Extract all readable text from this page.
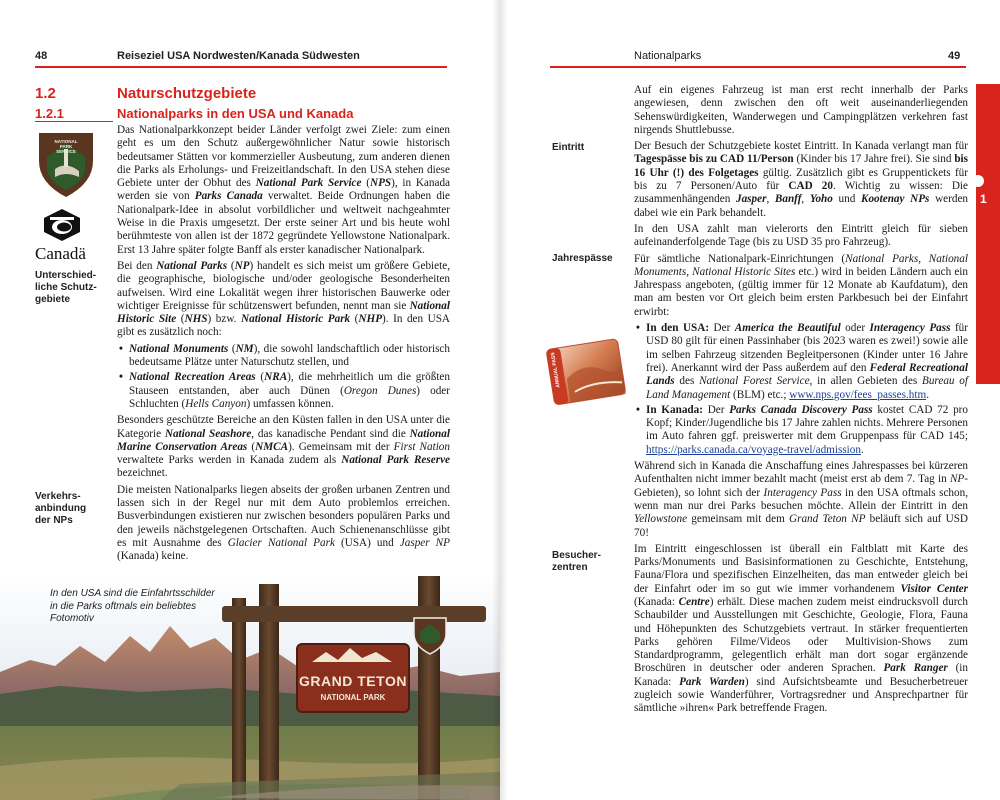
48	Reiseziel USA Nordwesten/Kanada Südwesten
1.2	Naturschutzgebiete
1.2.1	Nationalparks in den USA und Kanada
NATIONAL
PARK
SERVICE
Canadä
Unterschied-
liche Schutz-
gebiete
Verkehrs-
anbindung
der NPs

Das Nationalparkkonzept beider Länder verfolgt zwei Ziele: zum einen geht es um den Schutz außergewöhnlicher Natur sowie historisch bedeutsamer Stätten vor kommerzieller Ausbeutung, zum anderen dienen die Parks als Erholungs- und Freizeitlandschaft. In den USA stehen diese Gebiete unter der Obhut des National Park Service (NPS), in Kanada werden sie von Parks Canada verwaltet. Beide Ordnungen haben die Nationalpark-Idee in absolut vorbildlicher und weltweit nachgeahmter Weise in die Praxis umgesetzt. Der erste seiner Art und bis heute wohl berühmteste von allen ist der 1872 gegründete Yellowstone Nationalpark. Erst 13 Jahre später folgte Banff als erster kanadischer Nationalpark.

Bei den National Parks (NP) handelt es sich meist um größere Gebiete, die geographische, biologische und/oder geologische Besonderheiten aufweisen. Wird eine Lokalität wegen ihrer historischen Bauwerke oder wichtiger Ereignisse für schützenswert befunden, nennt man sie National Historic Site (NHS) bzw. National Historic Park (NHP). In den USA gibt es zusätzlich noch:

• National Monuments (NM), die sowohl landschaftlich oder historisch bedeutsame Plätze unter Naturschutz stellen, und
• National Recreation Areas (NRA), die mehrheitlich um die größten Stauseen entstanden, aber auch Dünen (Oregon Dunes) oder Schluchten (Hells Canyon) umfassen können.

Besonders geschützte Bereiche an den Küsten fallen in den USA unter die Kategorie National Seashore, das kanadische Pendant sind die National Marine Conservation Areas (NMCA). Gemeinsam mit der First Nation verwaltete Parks werden in Kanada zudem als National Park Reserve bezeichnet.

Die meisten Nationalparks liegen abseits der großen urbanen Zentren und lassen sich in der Regel nur mit dem Auto problemlos erreichen. Busverbindungen existieren nur zwischen besonders populären Parks und den jeweils nächstgelegenen Ortschaften. Auch Schienenanschlüsse gibt es mit Ausnahme des Glacier National Park (USA) und Jasper NP (Kanada) keine.

GRAND TETON
NATIONAL PARK
In den USA sind die Einfahrtsschilder in die Parks oftmals ein beliebtes Fotomotiv
Nationalparks	49
Eintritt
Jahrespässe
Besucher-
zentren
ANNUAL PASS

Auf ein eigenes Fahrzeug ist man erst recht innerhalb der Parks angewiesen, denn zwischen den oft weit auseinanderliegenden Sehenswürdigkeiten, Wanderwegen und Campingplätzen verkehren fast nirgends Shuttlebusse.

Der Besuch der Schutzgebiete kostet Eintritt. In Kanada verlangt man für Tagespässe bis zu CAD 11/Person (Kinder bis 17 Jahre frei). Sie sind bis 16 Uhr (!) des Folgetages gültig. Zusätzlich gibt es Gruppentickets für bis zu 7 Personen/Auto für CAD 20. Wichtig zu wissen: Die zusammenhängenden Jasper, Banff, Yoho und Kootenay NPs werden dabei wie ein Park behandelt.

In den USA zahlt man vielerorts den Eintritt gleich für sieben aufeinanderfolgende Tage (bis zu USD 35 pro Fahrzeug).

Für sämtliche Nationalpark-Einrichtungen (National Parks, National Monuments, National Historic Sites etc.) wird in beiden Ländern auch ein Jahrespass angeboten, (gültig immer für 12 Monate ab Kaufdatum), den man am besten vor Ort gleich beim ersten Parkbesuch bei der Einfahrt erwirbt:

• In den USA: Der America the Beautiful oder Interagency Pass für USD 80 gilt für einen Passinhaber (bis 2023 waren es zwei!) sowie alle im selben Fahrzeug sitzenden Begleitpersonen (Kinder unter 16 Jahre frei). Anerkannt wird der Pass außerdem auf den Federal Recreational Lands des National Forest Service, in allen Gebieten des Bureau of Land Management (BLM) etc.; www.nps.gov/fees_passes.htm.
• In Kanada: Der Parks Canada Discovery Pass kostet CAD 72 pro Kopf; Kinder/Jugendliche bis 17 Jahre zahlen nichts. Mehrere Personen im Auto fahren ggf. preiswerter mit dem Gruppenpass für CAD 145; https://parks.canada.ca/voyage-travel/admission.

Während sich in Kanada die Anschaffung eines Jahrespasses bei kürzeren Aufenthalten nicht immer bezahlt macht (meist erst ab dem 7. Tag in NP-Gebieten), so lohnt sich der Interagency Pass in den USA oftmals schon, wenn man nur drei Parks besuchen möchte. Allein der Eintritt in den Yellowstone gemeinsam mit dem Grand Teton NP beläuft sich auf USD 70!

Im Eintritt eingeschlossen ist überall ein Faltblatt mit Karte des Parks/Monuments und Basisinformationen zu Geschichte, Entstehung, Fauna/Flora und spezifischen Einzelheiten, das man entweder gleich bei der Einfahrt oder im so gut wie immer vorhandenem Visitor Center (Kanada: Centre) erhält. Diese machen zudem meist eindrucksvoll durch Schaubilder und Ausstellungen mit Geschichte, Geologie, Flora, Fauna und Höhepunkten des Schutzgebiets vertraut. In stärker frequentierten Parks gehören Filme/Videos oder Multivision-Shows zum Standardprogramm, gelegentlich erhält man dort sogar ergänzende Broschüren in deutscher oder anderen Sprachen. Park Ranger (in Kanada: Park Warden) sind Aufsichtsbeamte und Besucherbetreuer zugleich sowie Wanderführer, Vortragsredner und Ansprechpartner für sämtliche »ihren« Park betreffende Fragen.

1
